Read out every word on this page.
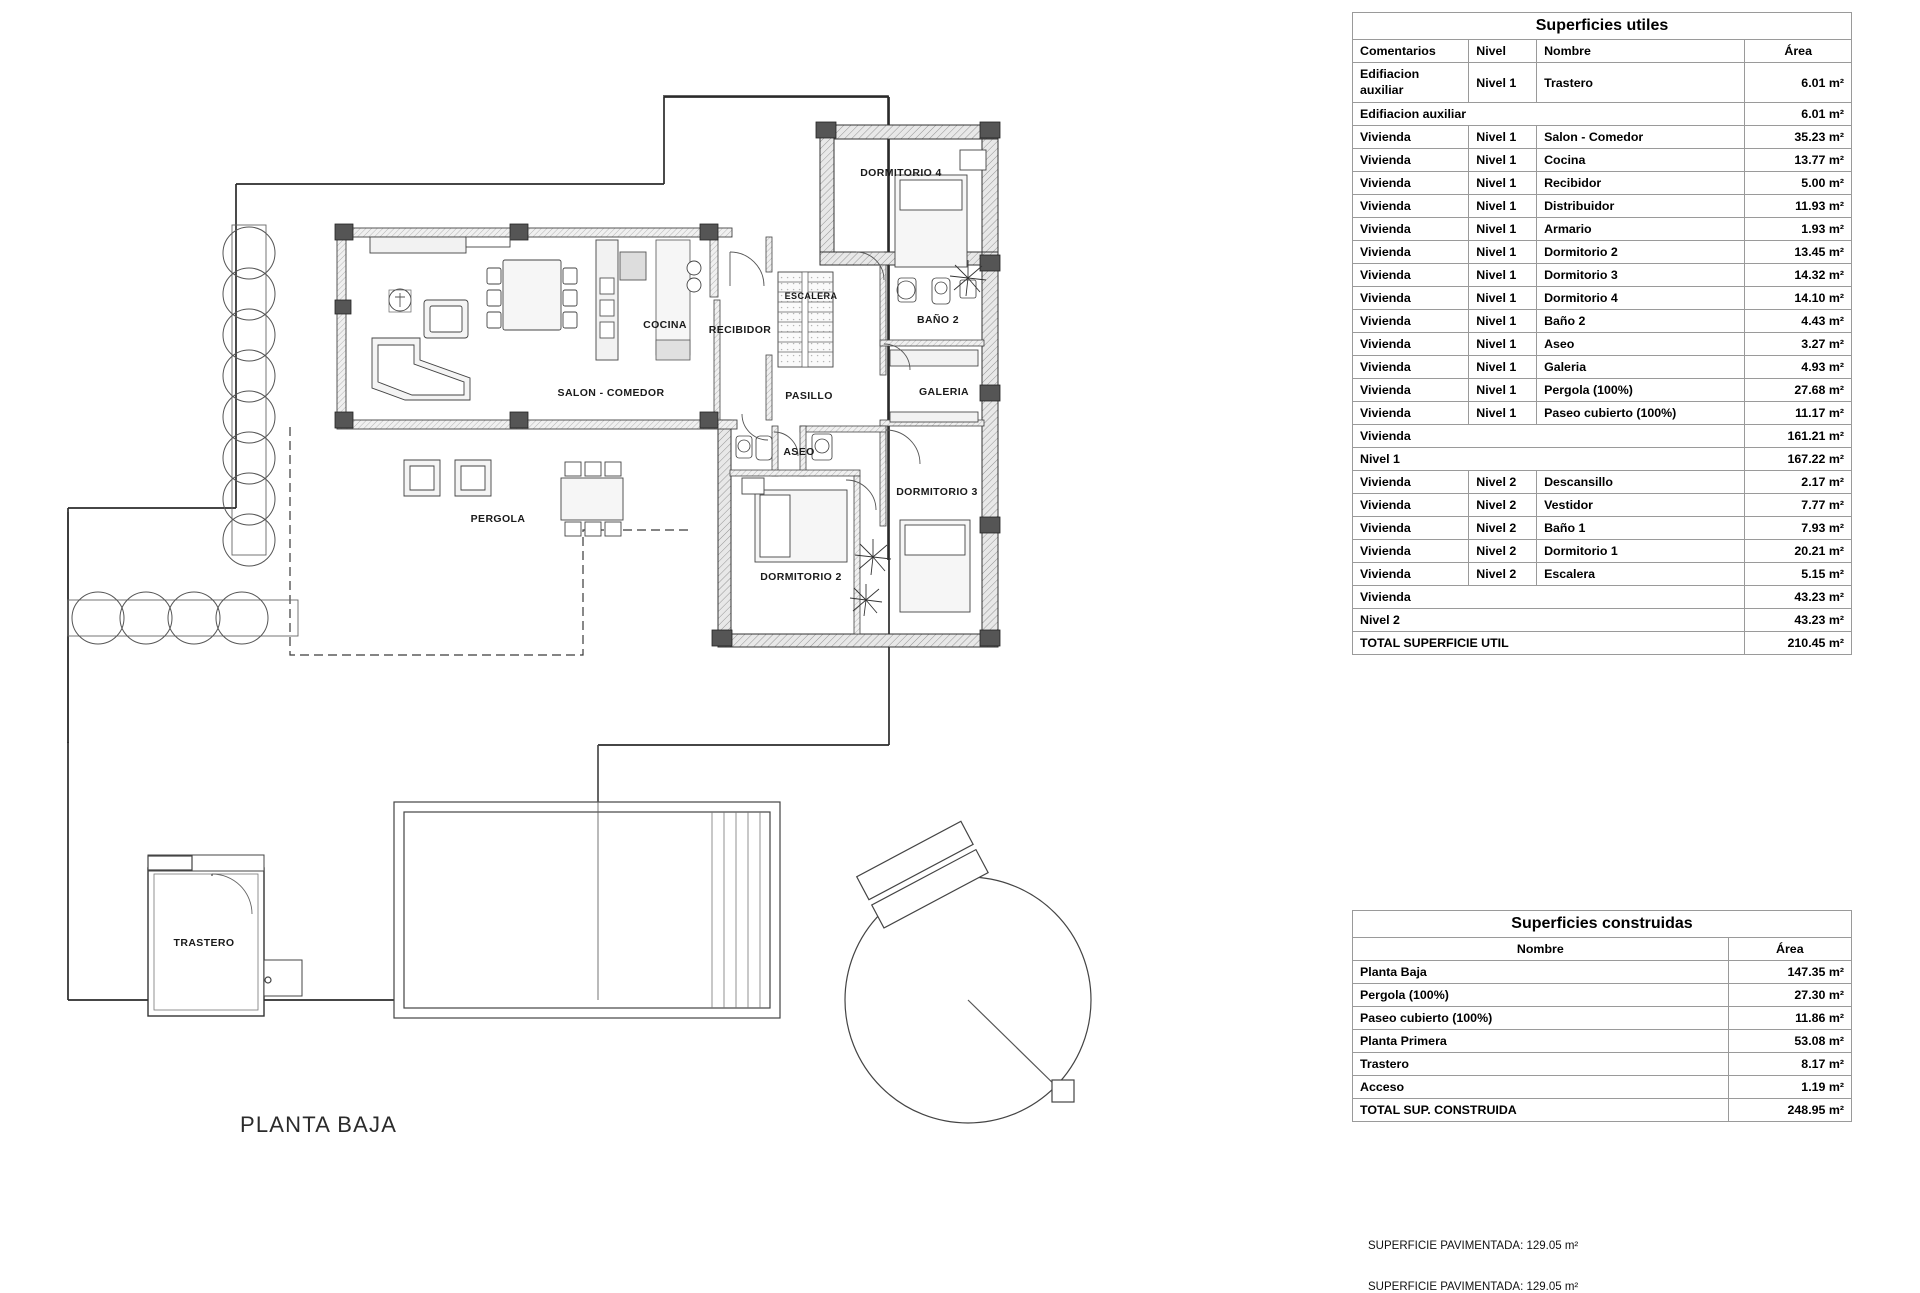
DORMITORIO 4
COCINA RECIBIDOR
ESCALERA
BAÑO 2
SALON - COMEDOR	PASILLO	GALERIA
ASEO
DORMITORIO 3
PERGOLA
DORMITORIO 2
TRASTERO
PLANTA BAJA
Superficies utiles			
Comentarios	Nivel	Nombre	Área
Edifiacion auxiliar	Nivel 1	Trastero	6.01 m²
Edifiacion auxiliar			6.01 m²
Vivienda	Nivel 1	Salon - Comedor	35.23 m²
Vivienda	Nivel 1	Cocina	13.77 m²
Vivienda	Nivel 1	Recibidor	5.00 m²
Vivienda	Nivel 1	Distribuidor	11.93 m²
Vivienda	Nivel 1	Armario	1.93 m²
Vivienda	Nivel 1	Dormitorio 2	13.45 m²
Vivienda	Nivel 1	Dormitorio 3	14.32 m²
Vivienda	Nivel 1	Dormitorio 4	14.10 m²
Vivienda	Nivel 1	Baño 2	4.43 m²
Vivienda	Nivel 1	Aseo	3.27 m²
Vivienda	Nivel 1	Galeria	4.93 m²
Vivienda	Nivel 1	Pergola (100%)	27.68 m²
Vivienda	Nivel 1	Paseo cubierto (100%)	11.17 m²
Vivienda			161.21 m²
Nivel 1			167.22 m²
Vivienda	Nivel 2	Descansillo	2.17 m²
Vivienda	Nivel 2	Vestidor	7.77 m²
Vivienda	Nivel 2	Baño 1	7.93 m²
Vivienda	Nivel 2	Dormitorio 1	20.21 m²
Vivienda	Nivel 2	Escalera	5.15 m²
Vivienda			43.23 m²
Nivel 2			43.23 m²
TOTAL SUPERFICIE UTIL			210.45 m²
Superficies construidas	
Nombre	Área
Planta Baja	147.35 m²
Pergola (100%)	27.30 m²
Paseo cubierto (100%)	11.86 m²
Planta Primera	53.08 m²
Trastero	8.17 m²
Acceso	1.19 m²
TOTAL SUP. CONSTRUIDA	248.95 m²
SUPERFICIE PAVIMENTADA: 129.05 m²
SUPERFICIE PAVIMENTADA: 129.05 m²
